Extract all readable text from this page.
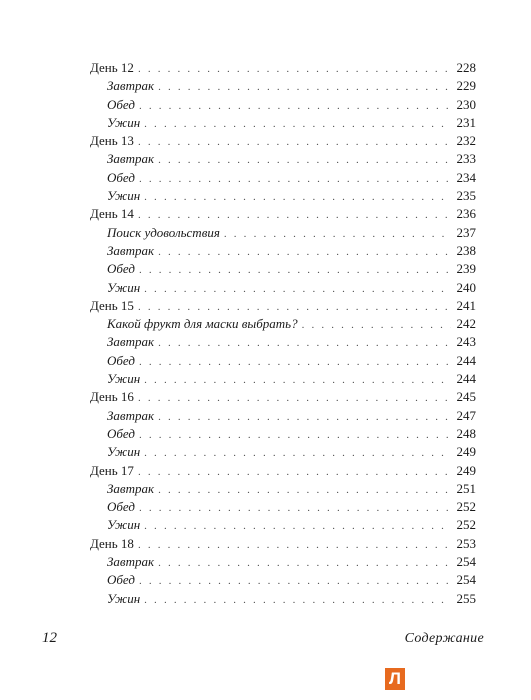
День 12 . . .	228
Завтрак . . .	229
Обед . . .	230
Ужин . . .	231
День 13 . . .	232
Завтрак . . .	233
Обед . . .	234
Ужин . . .	235
День 14 . . .	236
Поиск удовольствия . . .	237
Завтрак . . .	238
Обед . . .	239
Ужин . . .	240
День 15 . . .	241
Какой фрукт для маски выбрать? . . .	242
Завтрак . . .	243
Обед . . .	244
Ужин . . .	244
День 16 . . .	245
Завтрак . . .	247
Обед . . .	248
Ужин . . .	249
День 17 . . .	249
Завтрак . . .	251
Обед . . .	252
Ужин . . .	252
День 18 . . .	253
Завтрак . . .	254
Обед . . .	254
Ужин . . .	255
12	Содержание
Л
